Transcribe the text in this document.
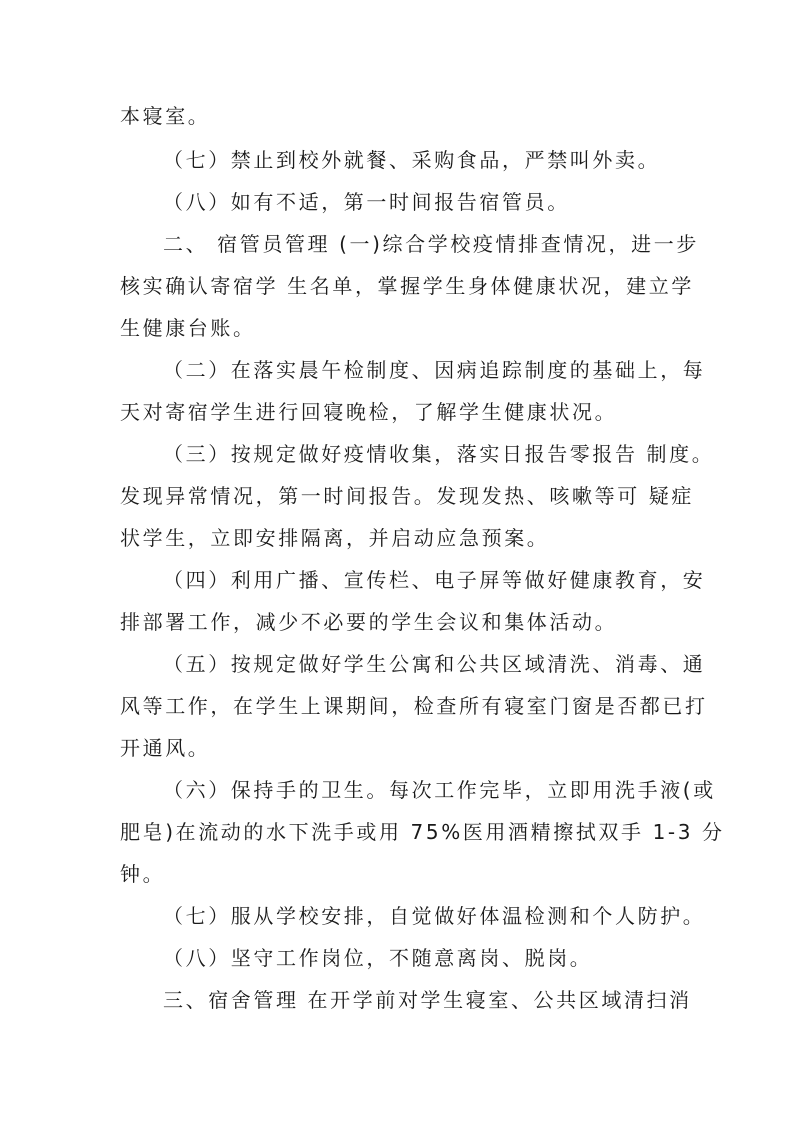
本寝室。
（七）禁止到校外就餐、采购食品，严禁叫外卖。
（八）如有不适，第一时间报告宿管员。
二、 宿管员管理 (一)综合学校疫情排查情况，进一步
核实确认寄宿学 生名单，掌握学生身体健康状况，建立学
生健康台账。
（二）在落实晨午检制度、因病追踪制度的基础上，每
天对寄宿学生进行回寝晚检，了解学生健康状况。
（三）按规定做好疫情收集，落实日报告零报告 制度。
发现异常情况，第一时间报告。发现发热、咳嗽等可 疑症
状学生，立即安排隔离，并启动应急预案。
（四）利用广播、宣传栏、电子屏等做好健康教育，安
排部署工作，减少不必要的学生会议和集体活动。
（五）按规定做好学生公寓和公共区域清洗、消毒、通
风等工作，在学生上课期间，检查所有寝室门窗是否都已打
开通风。
（六）保持手的卫生。每次工作完毕，立即用洗手液(或
肥皂)在流动的水下洗手或用 75%医用酒精擦拭双手 1-3 分
钟。
（七）服从学校安排，自觉做好体温检测和个人防护。
（八）坚守工作岗位，不随意离岗、脱岗。
三、宿舍管理 在开学前对学生寝室、公共区域清扫消
